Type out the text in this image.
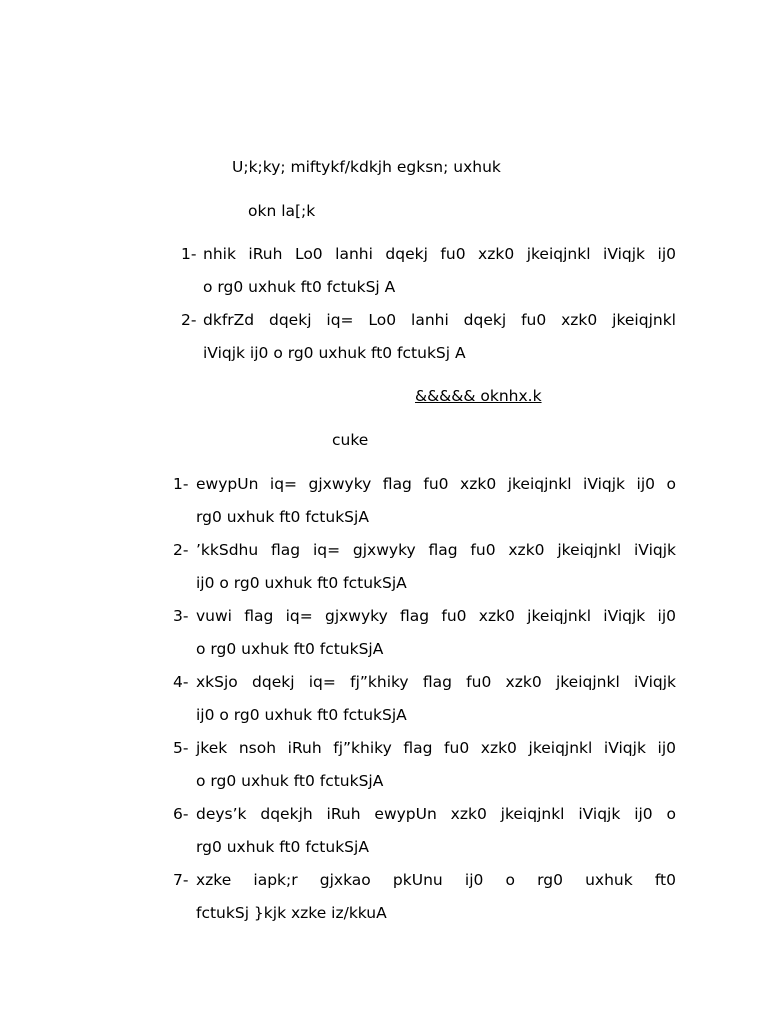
U;k;ky; miftykf/kdkjh egksn; uxhuk
okn la[;k
1- nhik iRuh Lo0 lanhi dqekj fu0 xzk0 jkeiqjnkl iViqjk ij0
o rg0 uxhuk ft0 fctukSj A
2- dkfrZd dqekj iq= Lo0 lanhi dqekj fu0 xzk0 jkeiqjnkl
iViqjk ij0 o rg0 uxhuk ft0 fctukSj A
&&&&& oknhx.k
cuke
1- ewypUn iq= gjxwyky flag fu0 xzk0 jkeiqjnkl iViqjk ij0 o
rg0 uxhuk ft0 fctukSjA
2- ’kkSdhu flag iq= gjxwyky flag fu0 xzk0 jkeiqjnkl iViqjk
ij0 o rg0 uxhuk ft0 fctukSjA
3- vuwi flag iq= gjxwyky flag fu0 xzk0 jkeiqjnkl iViqjk ij0
o rg0 uxhuk ft0 fctukSjA
4- xkSjo dqekj iq= fj”khiky flag fu0 xzk0 jkeiqjnkl iViqjk
ij0 o rg0 uxhuk ft0 fctukSjA
5- jkek nsoh iRuh fj”khiky flag fu0 xzk0 jkeiqjnkl iViqjk ij0
o rg0 uxhuk ft0 fctukSjA
6- deys’k dqekjh iRuh ewypUn xzk0 jkeiqjnkl iViqjk ij0 o
rg0 uxhuk ft0 fctukSjA
7- xzke iapk;r gjxkao pkUnu ij0 o rg0 uxhuk ft0
fctukSj }kjk xzke iz/kkuA
